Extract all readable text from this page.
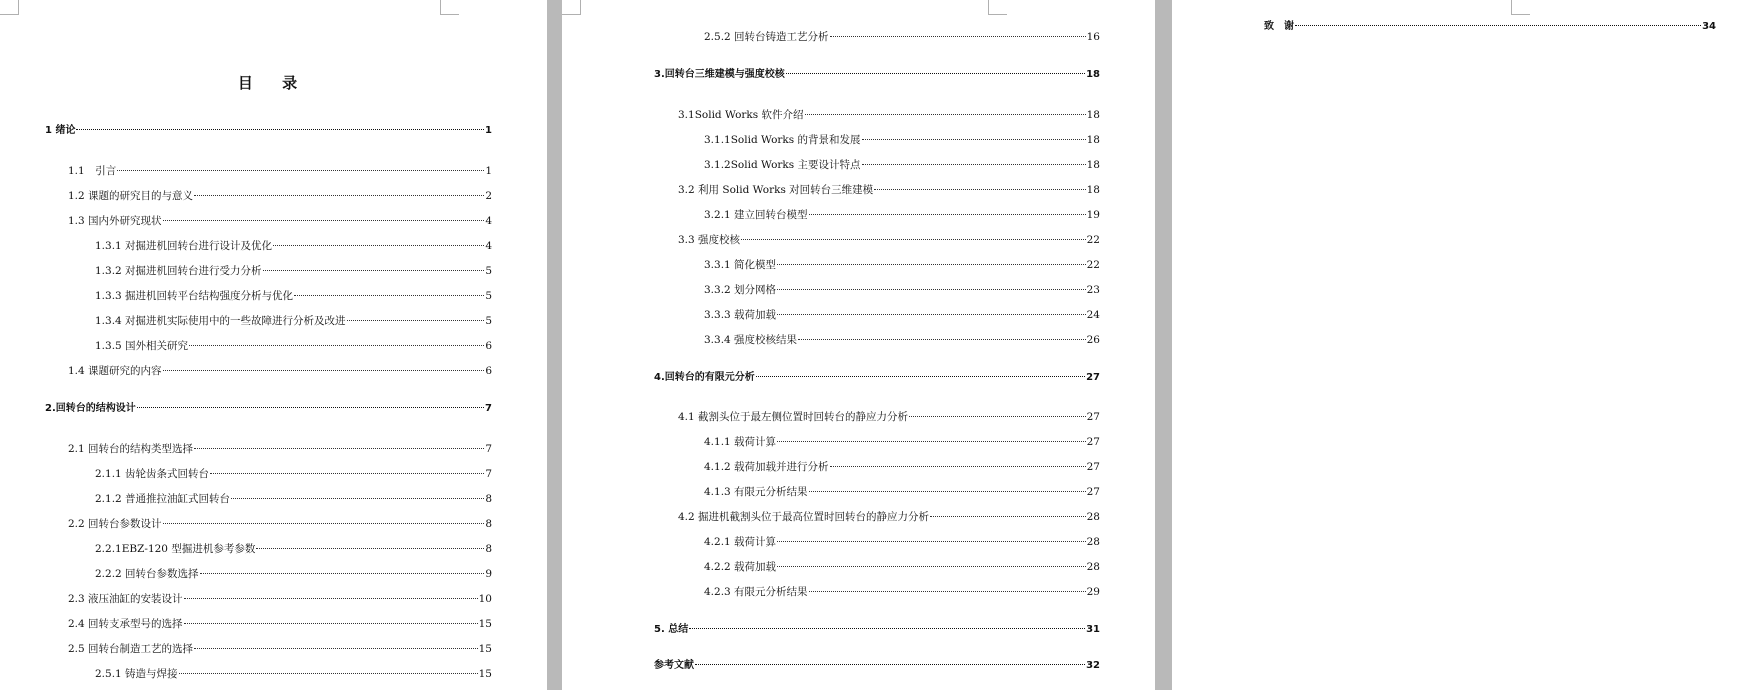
目 录
1 绪论	1
1.1　引言	1
1.2 课题的研究目的与意义	2
1.3 国内外研究现状	4
1.3.1 对掘进机回转台进行设计及优化	4
1.3.2 对掘进机回转台进行受力分析	5
1.3.3 掘进机回转平台结构强度分析与优化	5
1.3.4 对掘进机实际使用中的一些故障进行分析及改进	5
1.3.5 国外相关研究	6
1.4 课题研究的内容	6
2.回转台的结构设计	7
2.1 回转台的结构类型选择	7
2.1.1 齿轮齿条式回转台	7
2.1.2 普通推拉油缸式回转台	8
2.2 回转台参数设计	8
2.2.1EBZ-120 型掘进机参考参数	8
2.2.2 回转台参数选择	9
2.3 液压油缸的安装设计	10
2.4 回转支承型号的选择	15
2.5 回转台制造工艺的选择	15
2.5.1 铸造与焊接	15
2.5.2 回转台铸造工艺分析	16
3.回转台三维建模与强度校核	18
3.1Solid Works 软件介绍	18
3.1.1Solid Works 的背景和发展	18
3.1.2Solid Works 主要设计特点	18
3.2 利用 Solid Works 对回转台三维建模	18
3.2.1 建立回转台模型	19
3.3 强度校核	22
3.3.1 简化模型	22
3.3.2 划分网格	23
3.3.3 载荷加载	24
3.3.4 强度校核结果	26
4.回转台的有限元分析	27
4.1 截割头位于最左侧位置时回转台的静应力分析	27
4.1.1 载荷计算	27
4.1.2 载荷加载并进行分析	27
4.1.3 有限元分析结果	27
4.2 掘进机截割头位于最高位置时回转台的静应力分析	28
4.2.1 载荷计算	28
4.2.2 载荷加载	28
4.2.3 有限元分析结果	29
5. 总结	31
参考文献	32
致　谢	34
